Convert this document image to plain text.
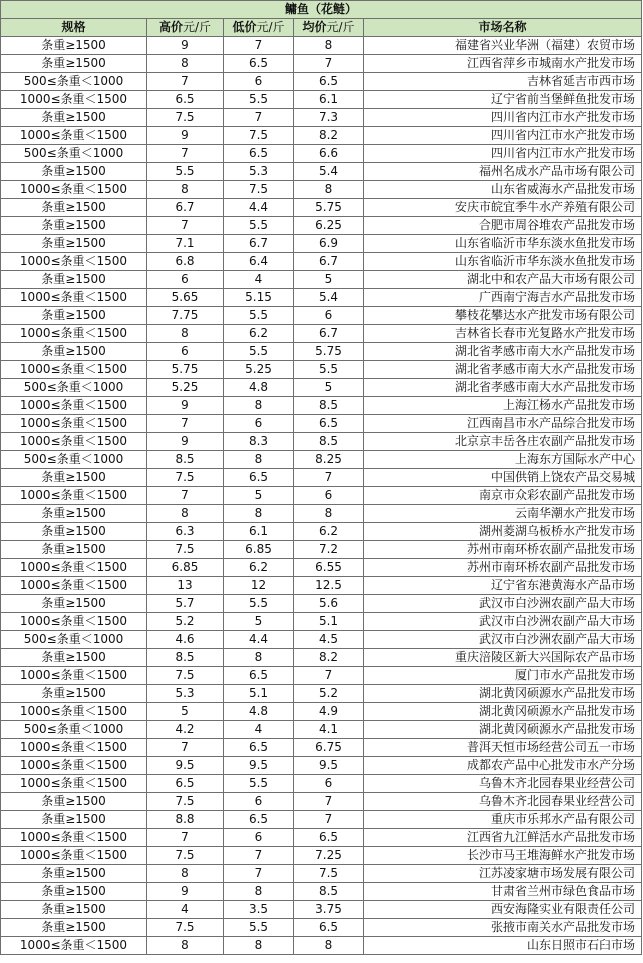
鳙鱼（花鲢）				
规格	高价元/斤	低价元/斤	均价元/斤	市场名称
条重≥1500	9	7	8	福建省兴业华洲（福建）农贸市场
条重≥1500	8	6.5	7	江西省萍乡市城南水产批发市场
500≤条重＜1000	7	6	6.5	吉林省延吉市西市场
1000≤条重＜1500	6.5	5.5	6.1	辽宁省前当堡鲜鱼批发市场
条重≥1500	7.5	7	7.3	四川省内江市水产批发市场
1000≤条重＜1500	9	7.5	8.2	四川省内江市水产批发市场
500≤条重＜1000	7	6.5	6.6	四川省内江市水产批发市场
条重≥1500	5.5	5.3	5.4	福州名成水产品市场有限公司
1000≤条重＜1500	8	7.5	8	山东省威海水产品批发市场
条重≥1500	6.7	4.4	5.75	安庆市皖宜季牛水产养殖有限公司
条重≥1500	7	5.5	6.25	合肥市周谷堆农产品批发市场
条重≥1500	7.1	6.7	6.9	山东省临沂市华东淡水鱼批发市场
1000≤条重＜1500	6.8	6.4	6.7	山东省临沂市华东淡水鱼批发市场
条重≥1500	6	4	5	湖北中和农产品大市场有限公司
1000≤条重＜1500	5.65	5.15	5.4	广西南宁海吉水产品批发市场
条重≥1500	7.75	5.5	6	攀枝花攀达水产批发市场有限公司
1000≤条重＜1500	8	6.2	6.7	吉林省长春市光复路水产批发市场
条重≥1500	6	5.5	5.75	湖北省孝感市南大水产品批发市场
1000≤条重＜1500	5.75	5.25	5.5	湖北省孝感市南大水产品批发市场
500≤条重＜1000	5.25	4.8	5	湖北省孝感市南大水产品批发市场
1000≤条重＜1500	9	8	8.5	上海江杨水产品批发市场
1000≤条重＜1500	7	6	6.5	江西南昌市水产品综合批发市场
1000≤条重＜1500	9	8.3	8.5	北京京丰岳各庄农副产品批发市场
500≤条重＜1000	8.5	8	8.25	上海东方国际水产中心
条重≥1500	7.5	6.5	7	中国供销上饶农产品交易城
1000≤条重＜1500	7	5	6	南京市众彩农副产品批发市场
条重≥1500	8	8	8	云南华潮水产批发市场
条重≥1500	6.3	6.1	6.2	湖州菱湖乌板桥水产批发市场
条重≥1500	7.5	6.85	7.2	苏州市南环桥农副产品批发市场
1000≤条重＜1500	6.85	6.2	6.55	苏州市南环桥农副产品批发市场
1000≤条重＜1500	13	12	12.5	辽宁省东港黄海水产品市场
条重≥1500	5.7	5.5	5.6	武汉市白沙洲农副产品大市场
1000≤条重＜1500	5.2	5	5.1	武汉市白沙洲农副产品大市场
500≤条重＜1000	4.6	4.4	4.5	武汉市白沙洲农副产品大市场
条重≥1500	8.5	8	8.2	重庆涪陵区新大兴国际农产品市场
1000≤条重＜1500	7.5	6.5	7	厦门市水产品批发市场
条重≥1500	5.3	5.1	5.2	湖北黄冈硕源水产品批发市场
1000≤条重＜1500	5	4.8	4.9	湖北黄冈硕源水产品批发市场
500≤条重＜1000	4.2	4	4.1	湖北黄冈硕源水产品批发市场
1000≤条重＜1500	7	6.5	6.75	普洱天恒市场经营公司五一市场
1000≤条重＜1500	9.5	9.5	9.5	成都农产品中心批发市水产分场
1000≤条重＜1500	6.5	5.5	6	乌鲁木齐北园春果业经营公司
条重≥1500	7.5	6	7	乌鲁木齐北园春果业经营公司
条重≥1500	8.8	6.5	7	重庆市乐邦水产品有限公司
1000≤条重＜1500	7	6	6.5	江西省九江鲜活水产品批发市场
1000≤条重＜1500	7.5	7	7.25	长沙市马王堆海鲜水产批发市场
条重≥1500	8	7	7.5	江苏凌家塘市场发展有限公司
条重≥1500	9	8	8.5	甘肃省兰州市绿色食品市场
条重≥1500	4	3.5	3.75	西安海隆实业有限责任公司
条重≥1500	7.5	5.5	6.5	张掖市南关水产品批发市场
1000≤条重＜1500	8	8	8	山东日照市石臼市场
